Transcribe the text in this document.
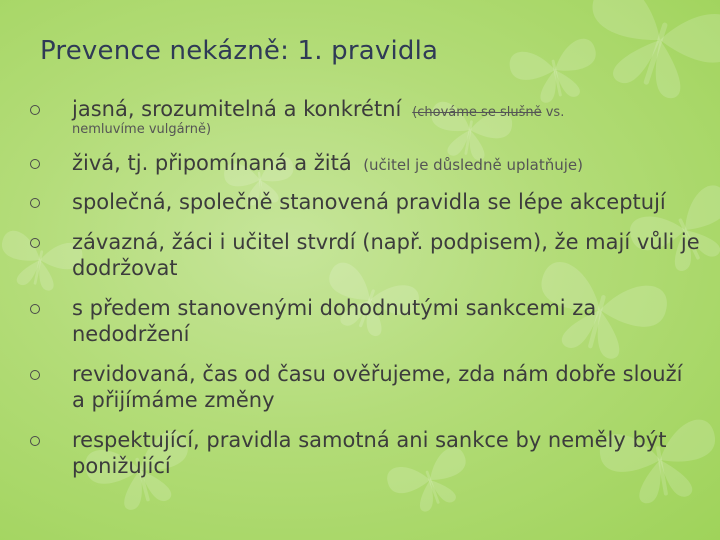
Prevence nekázně: 1. pravidla
jasná, srozumitelná a konkrétní (chováme se slušně vs.
nemluvíme vulgárně)
živá, tj. připomínaná a žitá (učitel je důsledně uplatňuje)
společná, společně stanovená pravidla se lépe akceptují
závazná, žáci i učitel stvrdí (např. podpisem), že mají vůli je dodržovat
s předem stanovenými dohodnutými sankcemi za nedodržení
revidovaná, čas od času ověřujeme, zda nám dobře slouží a přijímáme změny
respektující, pravidla samotná ani sankce by neměly být ponižující
